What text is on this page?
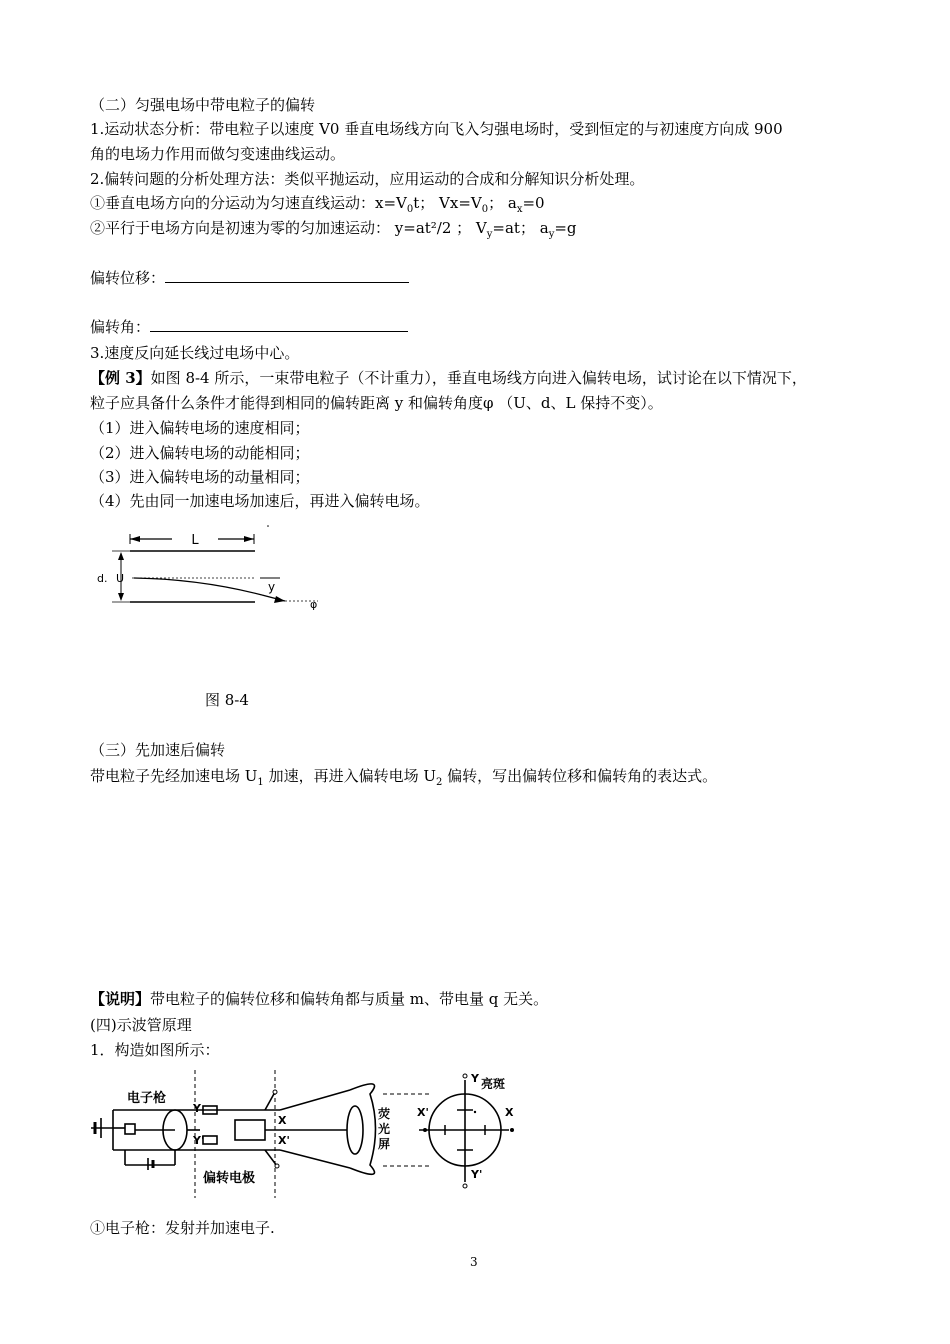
（二）匀强电场中带电粒子的偏转
1.运动状态分析：带电粒子以速度 V0 垂直电场线方向飞入匀强电场时，受到恒定的与初速度方向成 900
角的电场力作用而做匀变速曲线运动。
2.偏转问题的分析处理方法：类似平抛运动，应用运动的合成和分解知识分析处理。
①垂直电场方向的分运动为匀速直线运动：$x=V_0t$； $Vx=V_0$； $a_x=0$
②平行于电场方向是初速为零的匀加速运动： y=at²/2 ； $V_y=at$； $a_y=g$
偏转位移：
偏转角：
3.速度反向延长线过电场中心。
【例 3】如图 8-4 所示，一束带电粒子（不计重力），垂直电场线方向进入偏转电场，试讨论在以下情况下，
粒子应具备什么条件才能得到相同的偏转距离 y 和偏转角度φ （U、d、L 保持不变）。
（1）进入偏转电场的速度相同；
（2）进入偏转电场的动能相同；
（3）进入偏转电场的动量相同；
（4）先由同一加速电场加速后，再进入偏转电场。
L
d. U
y
φ
图 8-4
（三）先加速后偏转
带电粒子先经加速电场 $U_1$ 加速，再进入偏转电场 $U_2$ 偏转，写出偏转位移和偏转角的表达式。
【说明】带电粒子的偏转位移和偏转角都与质量 m、带电量 q 无关。
(四)示波管原理
1．构造如图所示：
电子枪
偏转电极
荧
光
屏
亮斑
Y
Y'
X
X'
Y
Y'
X
X'
①电子枪：发射并加速电子.
3
